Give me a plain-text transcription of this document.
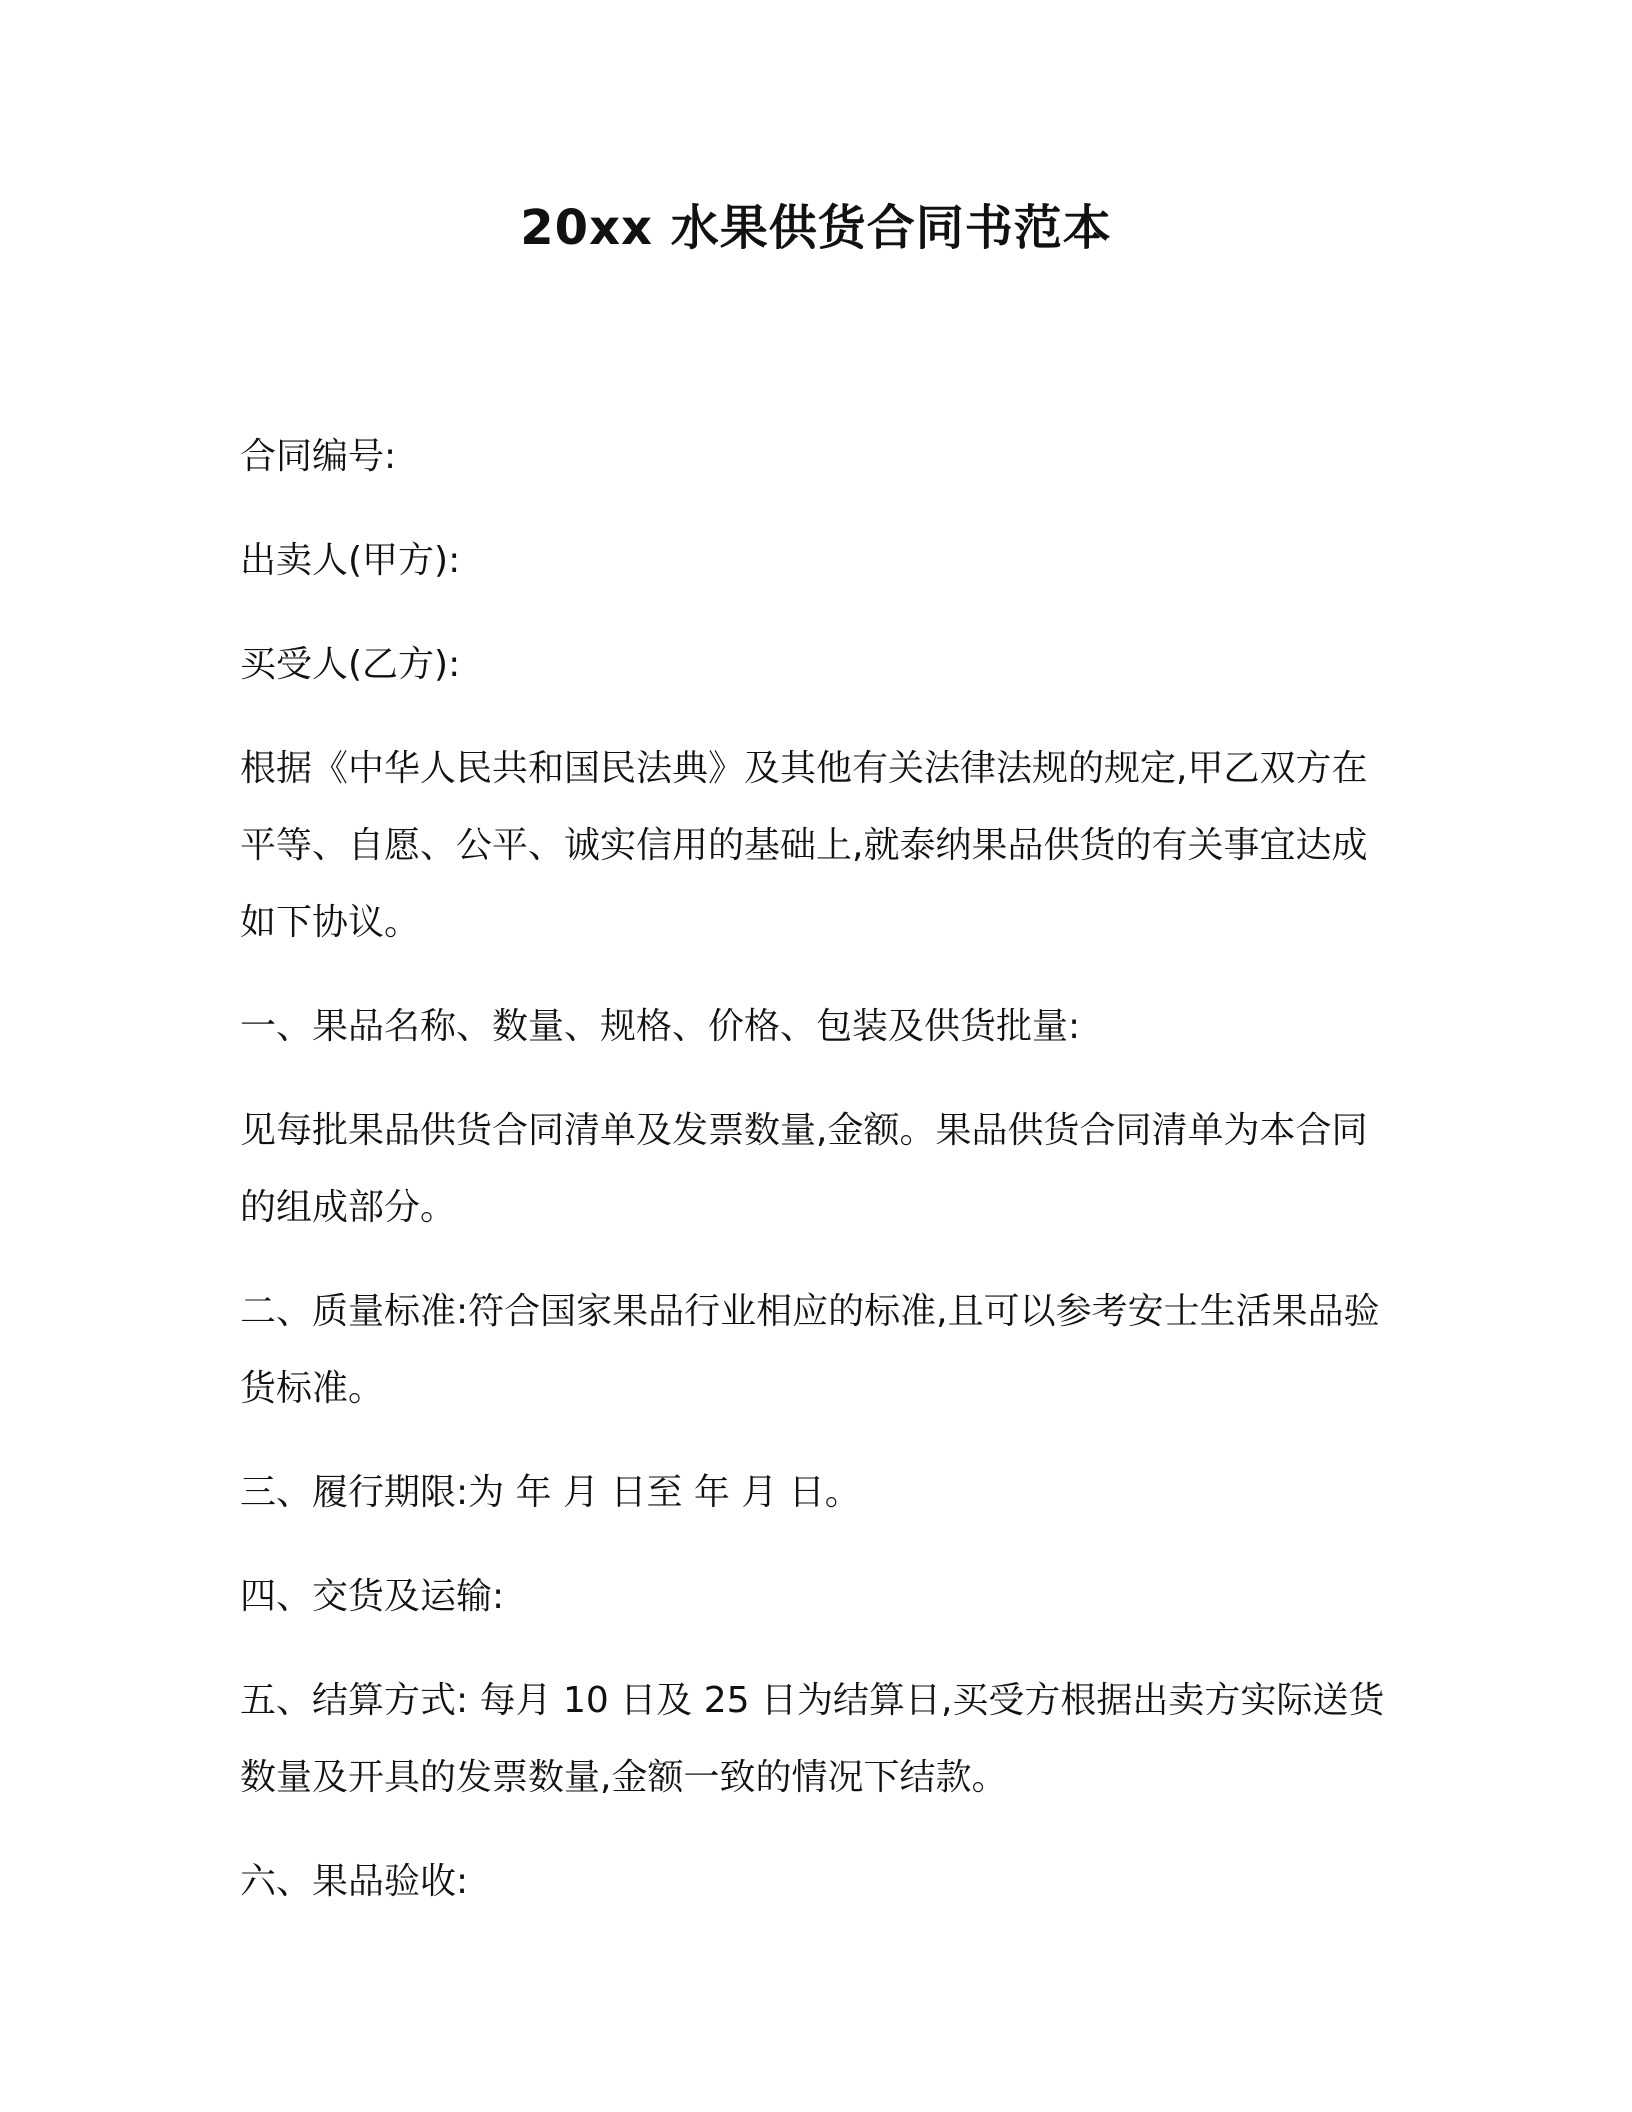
20xx 水果供货合同书范本

合同编号:

出卖人(甲方):

买受人(乙方):

根据《中华人民共和国民法典》及其他有关法律法规的规定,甲乙双方在平等、自愿、公平、诚实信用的基础上,就泰纳果品供货的有关事宜达成如下协议。

一、果品名称、数量、规格、价格、包装及供货批量:

见每批果品供货合同清单及发票数量,金额。果品供货合同清单为本合同的组成部分。

二、质量标准:符合国家果品行业相应的标准,且可以参考安士生活果品验货标准。

三、履行期限:为 年 月 日至 年 月 日。

四、交货及运输:

五、结算方式: 每月 10 日及 25 日为结算日,买受方根据出卖方实际送货数量及开具的发票数量,金额一致的情况下结款。

六、果品验收:
